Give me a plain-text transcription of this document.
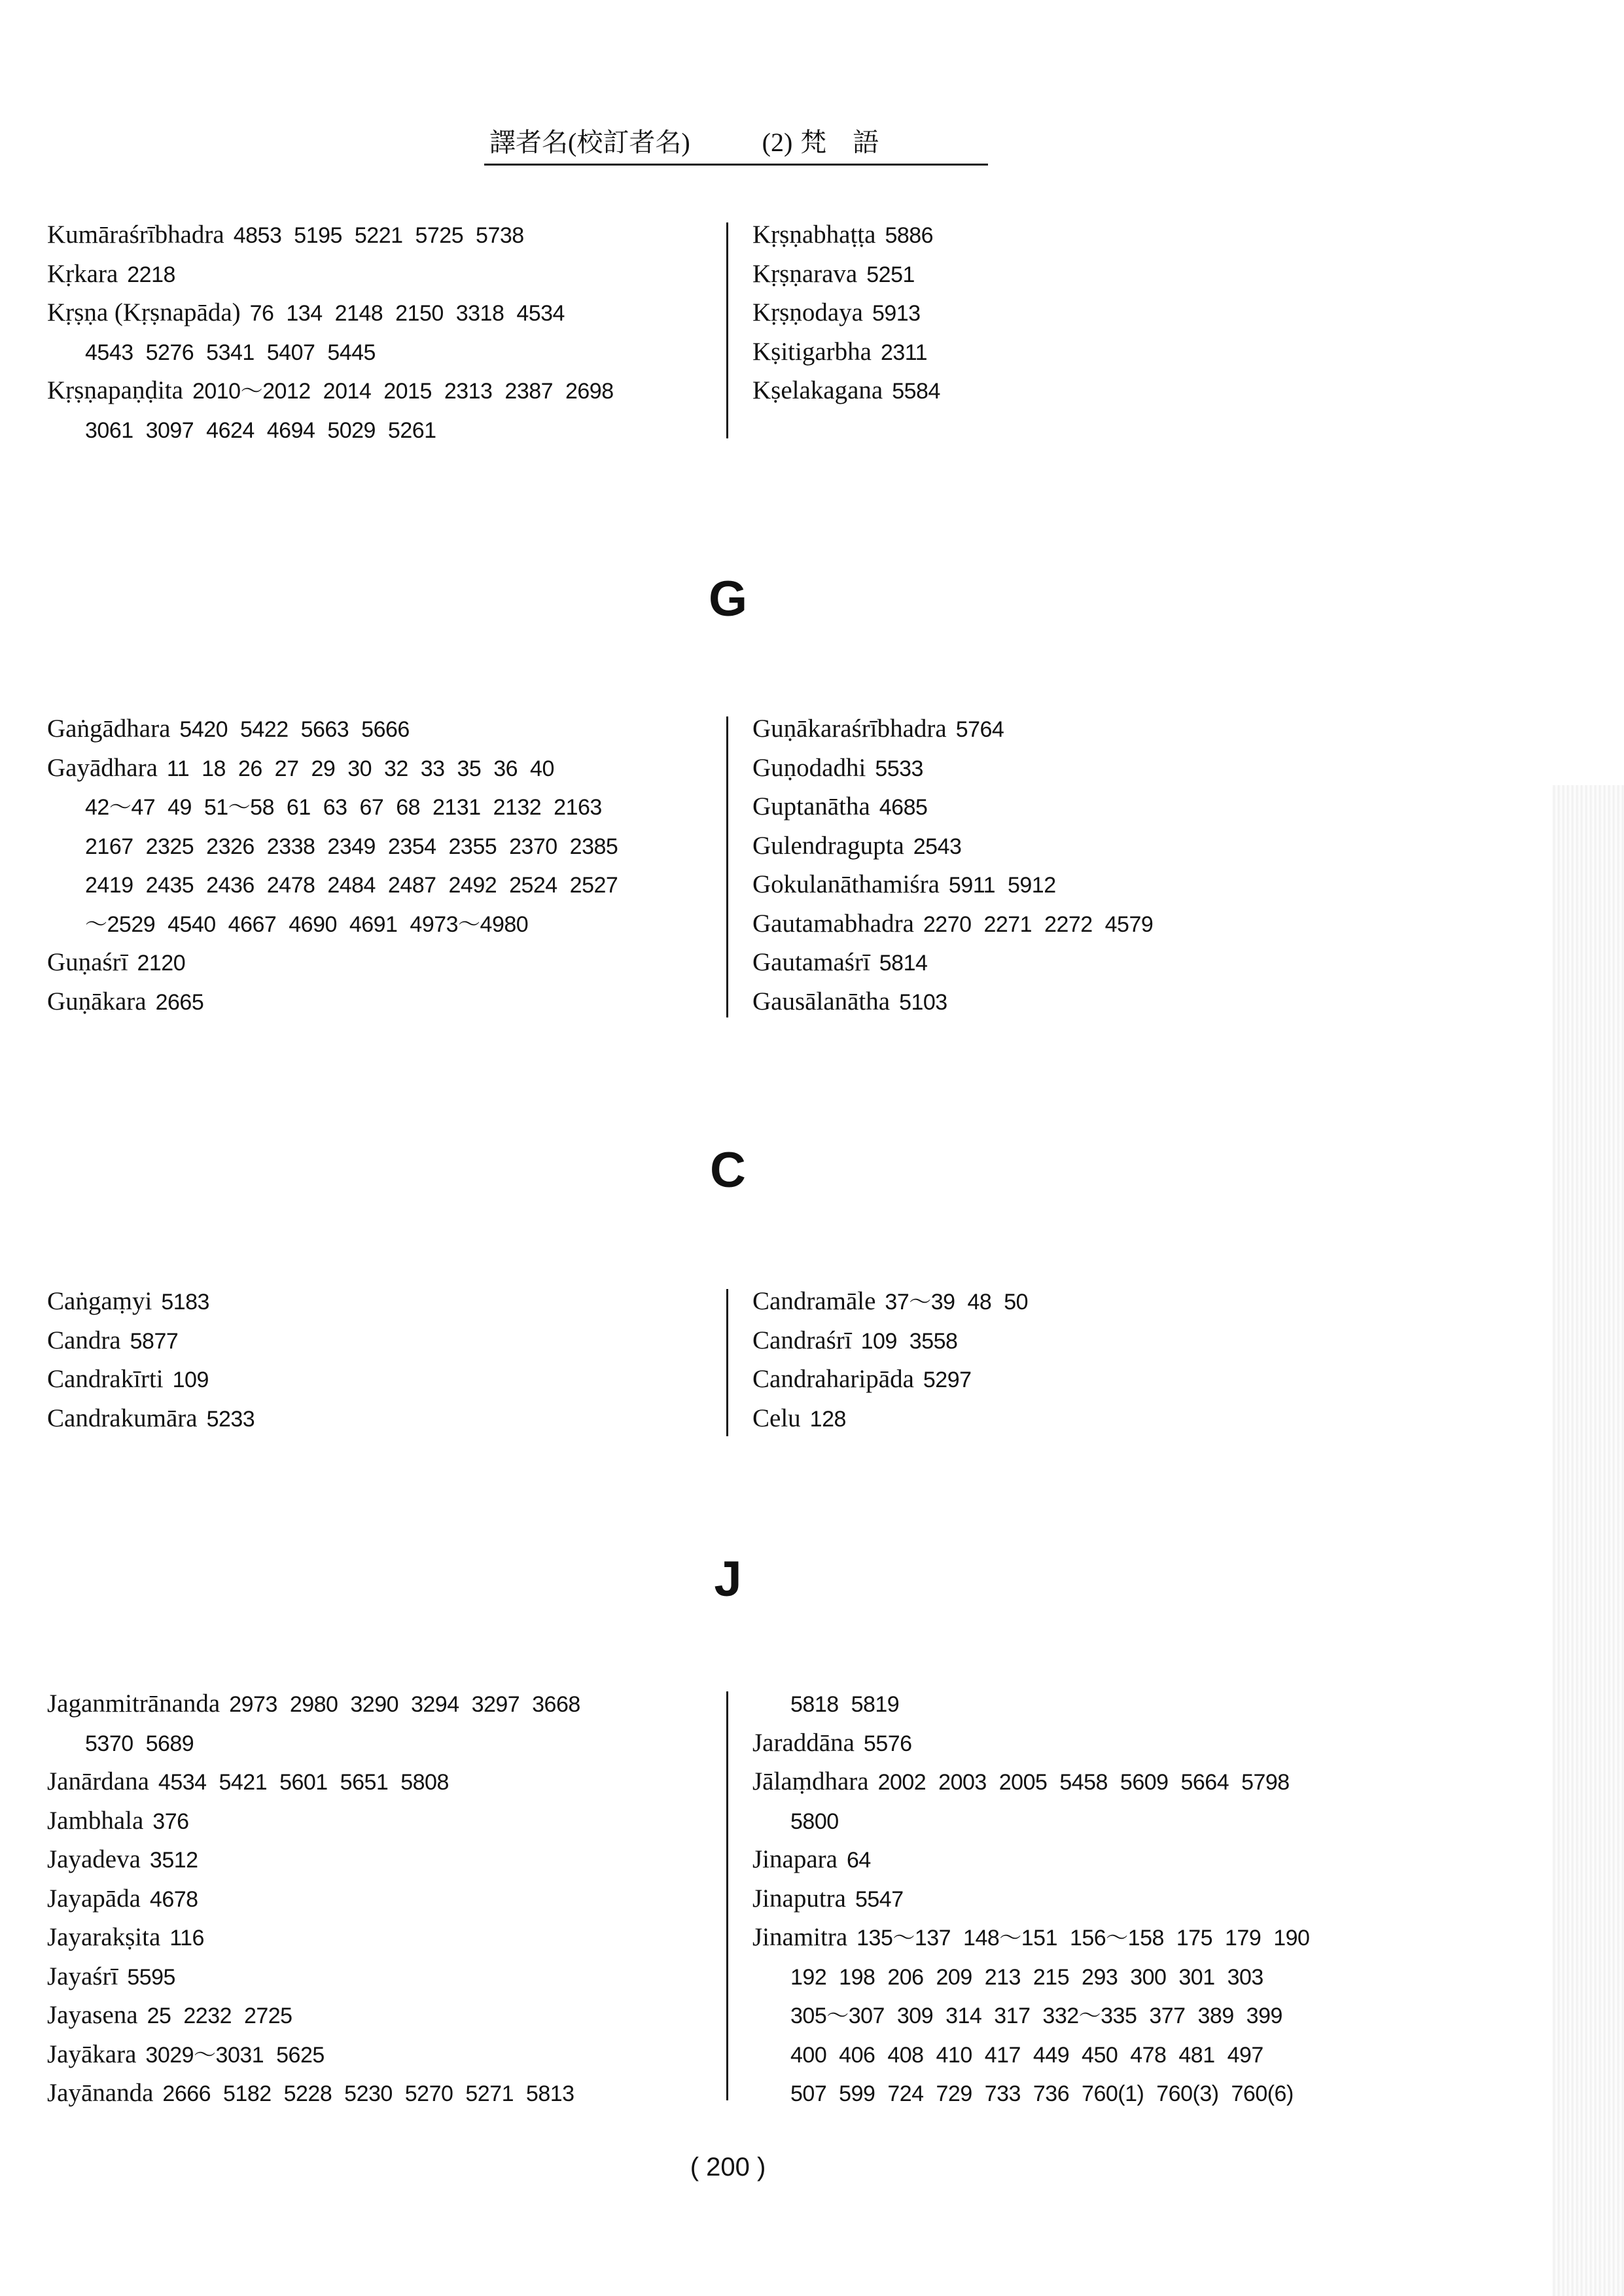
譯者名(校訂者名)	(2) 梵語
Kumāraśrībhadra 4853 5195 5221 5725 5738
Kṛkara 2218
Kṛṣṇa (Kṛṣnapāda) 76 134 2148 2150 3318 4534
4543 5276 5341 5407 5445
Kṛṣṇapaṇḍita 2010～2012 2014 2015 2313 2387 2698
3061 3097 4624 4694 5029 5261
Kṛṣṇabhaṭṭa 5886
Kṛṣṇarava 5251
Kṛṣṇodaya 5913
Kṣitigarbha 2311
Kṣelakagana 5584
G
Gaṅgādhara 5420 5422 5663 5666
Gayādhara 11 18 26 27 29 30 32 33 35 36 40
42～47 49 51～58 61 63 67 68 2131 2132 2163
2167 2325 2326 2338 2349 2354 2355 2370 2385
2419 2435 2436 2478 2484 2487 2492 2524 2527
～2529 4540 4667 4690 4691 4973～4980
Guṇaśrī 2120
Guṇākara 2665
Guṇākaraśrībhadra 5764
Guṇodadhi 5533
Guptanātha 4685
Gulendragupta 2543
Gokulanāthamiśra 5911 5912
Gautamabhadra 2270 2271 2272 4579
Gautamaśrī 5814
Gausālanātha 5103
C
Caṅgaṃyi 5183
Candra 5877
Candrakīrti 109
Candrakumāra 5233
Candramāle 37～39 48 50
Candraśrī 109 3558
Candraharipāda 5297
Celu 128
J
Jaganmitrānanda 2973 2980 3290 3294 3297 3668
5370 5689
Janārdana 4534 5421 5601 5651 5808
Jambhala 376
Jayadeva 3512
Jayapāda 4678
Jayarakṣita 116
Jayaśrī 5595
Jayasena 25 2232 2725
Jayākara 3029～3031 5625
Jayānanda 2666 5182 5228 5230 5270 5271 5813
5818 5819
Jaraddāna 5576
Jālaṃdhara 2002 2003 2005 5458 5609 5664 5798
5800
Jinapara 64
Jinaputra 5547
Jinamitra 135～137 148～151 156～158 175 179 190
192 198 206 209 213 215 293 300 301 303
305～307 309 314 317 332～335 377 389 399
400 406 408 410 417 449 450 478 481 497
507 599 724 729 733 736 760(1) 760(3) 760(6)
( 200 )
